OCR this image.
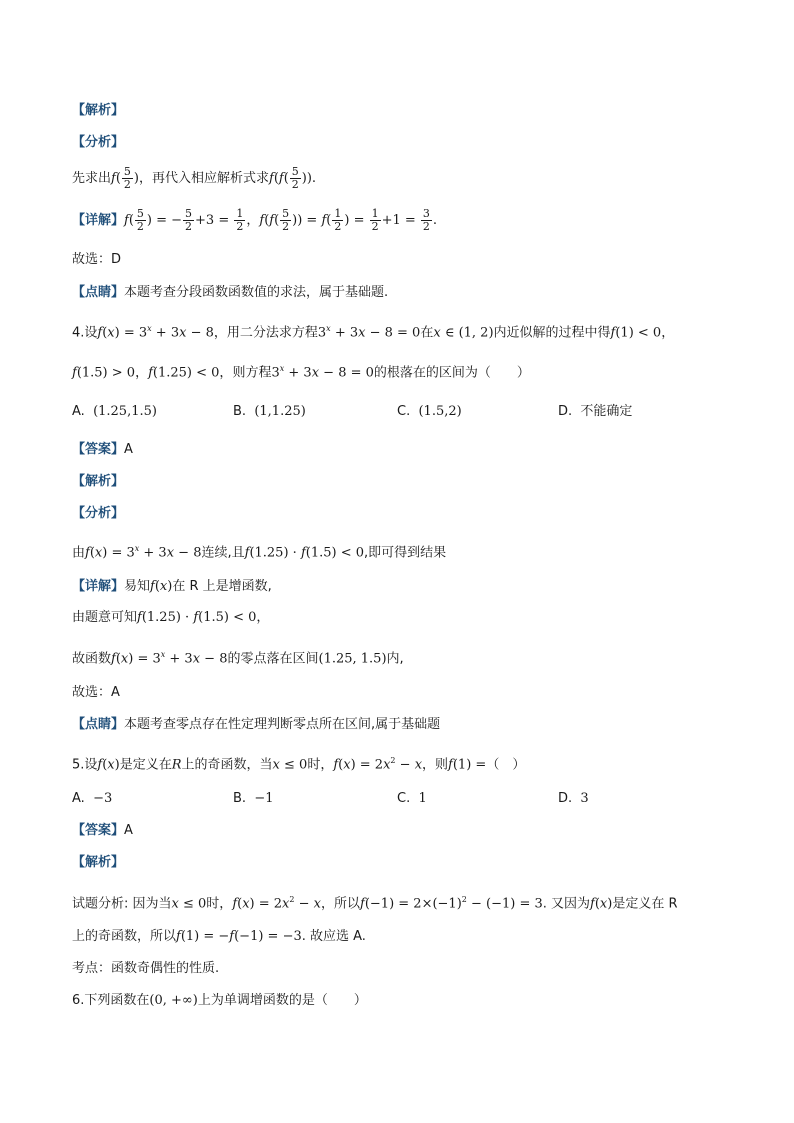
【解析】
【分析】
先求出$f( \frac{5}{2}$ )，再代入相应解析式求$f(f( \frac{5}{2}$ )).
【详解】$f( \frac{5}{2}$ ) = − $\frac{5}{2} +3 = \frac{1}{2}$ ，$f(f( \frac{5}{2}$ )) = $f( \frac{1}{2}$ ) = $\frac{1}{2} +1 = \frac{3}{2}$ .
故选：D
【点睛】本题考查分段函数函数值的求法，属于基础题.
4.设$f(x) = 3^x + 3x - 8$，用二分法求方程$3^x + 3x - 8 = 0$在x ∈ (1, 2)内近似解的过程中得f(1) < 0，
f(1.5) > 0，f(1.25) < 0，则方程$3^x + 3x - 8 = 0$的根落在的区间为（　　）
A. (1.25,1.5)	B. (1,1.25)	C. (1.5,2)	D. 不能确定
【答案】A
【解析】
【分析】
由$f(x) = 3^x + 3x - 8$连续,且f(1.25) · f(1.5) < 0,即可得到结果
【详解】易知f(x)在 R 上是增函数,
由题意可知f(1.25) · f(1.5) < 0，
故函数$f(x) = 3^x + 3x - 8$的零点落在区间(1.25, 1.5)内,
故选：A
【点睛】本题考查零点存在性定理判断零点所在区间,属于基础题
5.设f(x)是定义在R上的奇函数，当x ≤ 0时，$f(x) = 2x^2 - x$，则f(1) =（　）
A. −3	B. −1	C. 1	D. 3
【答案】A
【解析】
试题分析: 因为当x ≤ 0时，$f(x) = 2x^2 - x$，所以$f(-1) = 2\times(-1)^2 - (-1) = 3$. 又因为f(x)是定义在 R
上的奇函数，所以f(1) = −f(−1) = −3. 故应选 A.
考点：函数奇偶性的性质.
6.下列函数在(0, +∞)上为单调增函数的是（　　）
